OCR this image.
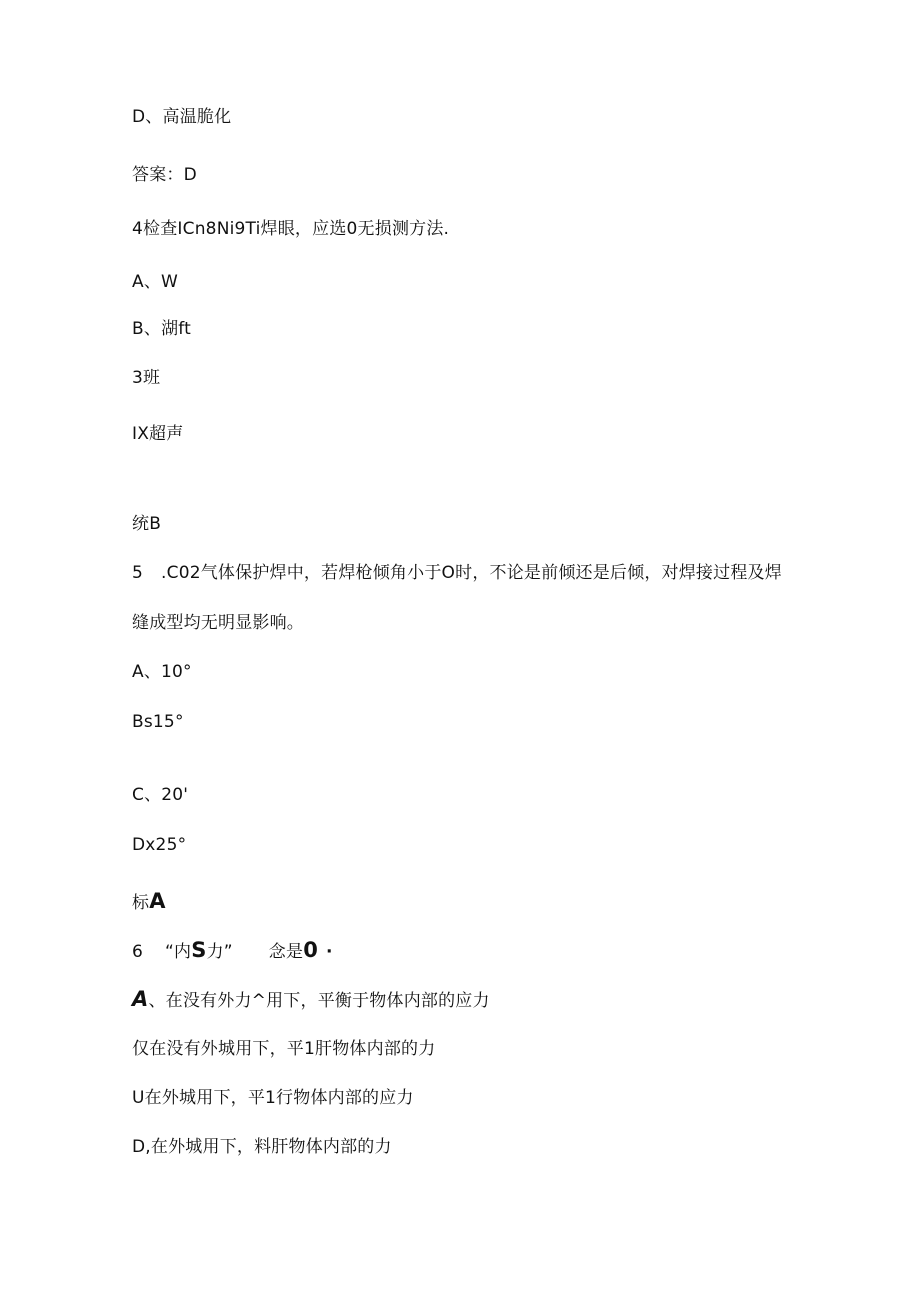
D、高温脆化
答案：D
4检查ICn8Ni9Ti焊眼，应选0无损测方法.
A、W
B、湖ft
3班
IX超声
统B
5 .C02气体保护焊中，若焊枪倾角小于O时，不论是前倾还是后倾，对焊接过程及焊
缝成型均无明显影响。
A、10°
Bs15°
C、20'
Dx25°
标A
6 “内S力” 念是0 ·
A、在没有外力^用下，平衡于物体内部的应力
仅在没有外城用下，平1肝物体内部的力
U在外城用下，平1行物体内部的应力
D,在外城用下，料肝物体内部的力
